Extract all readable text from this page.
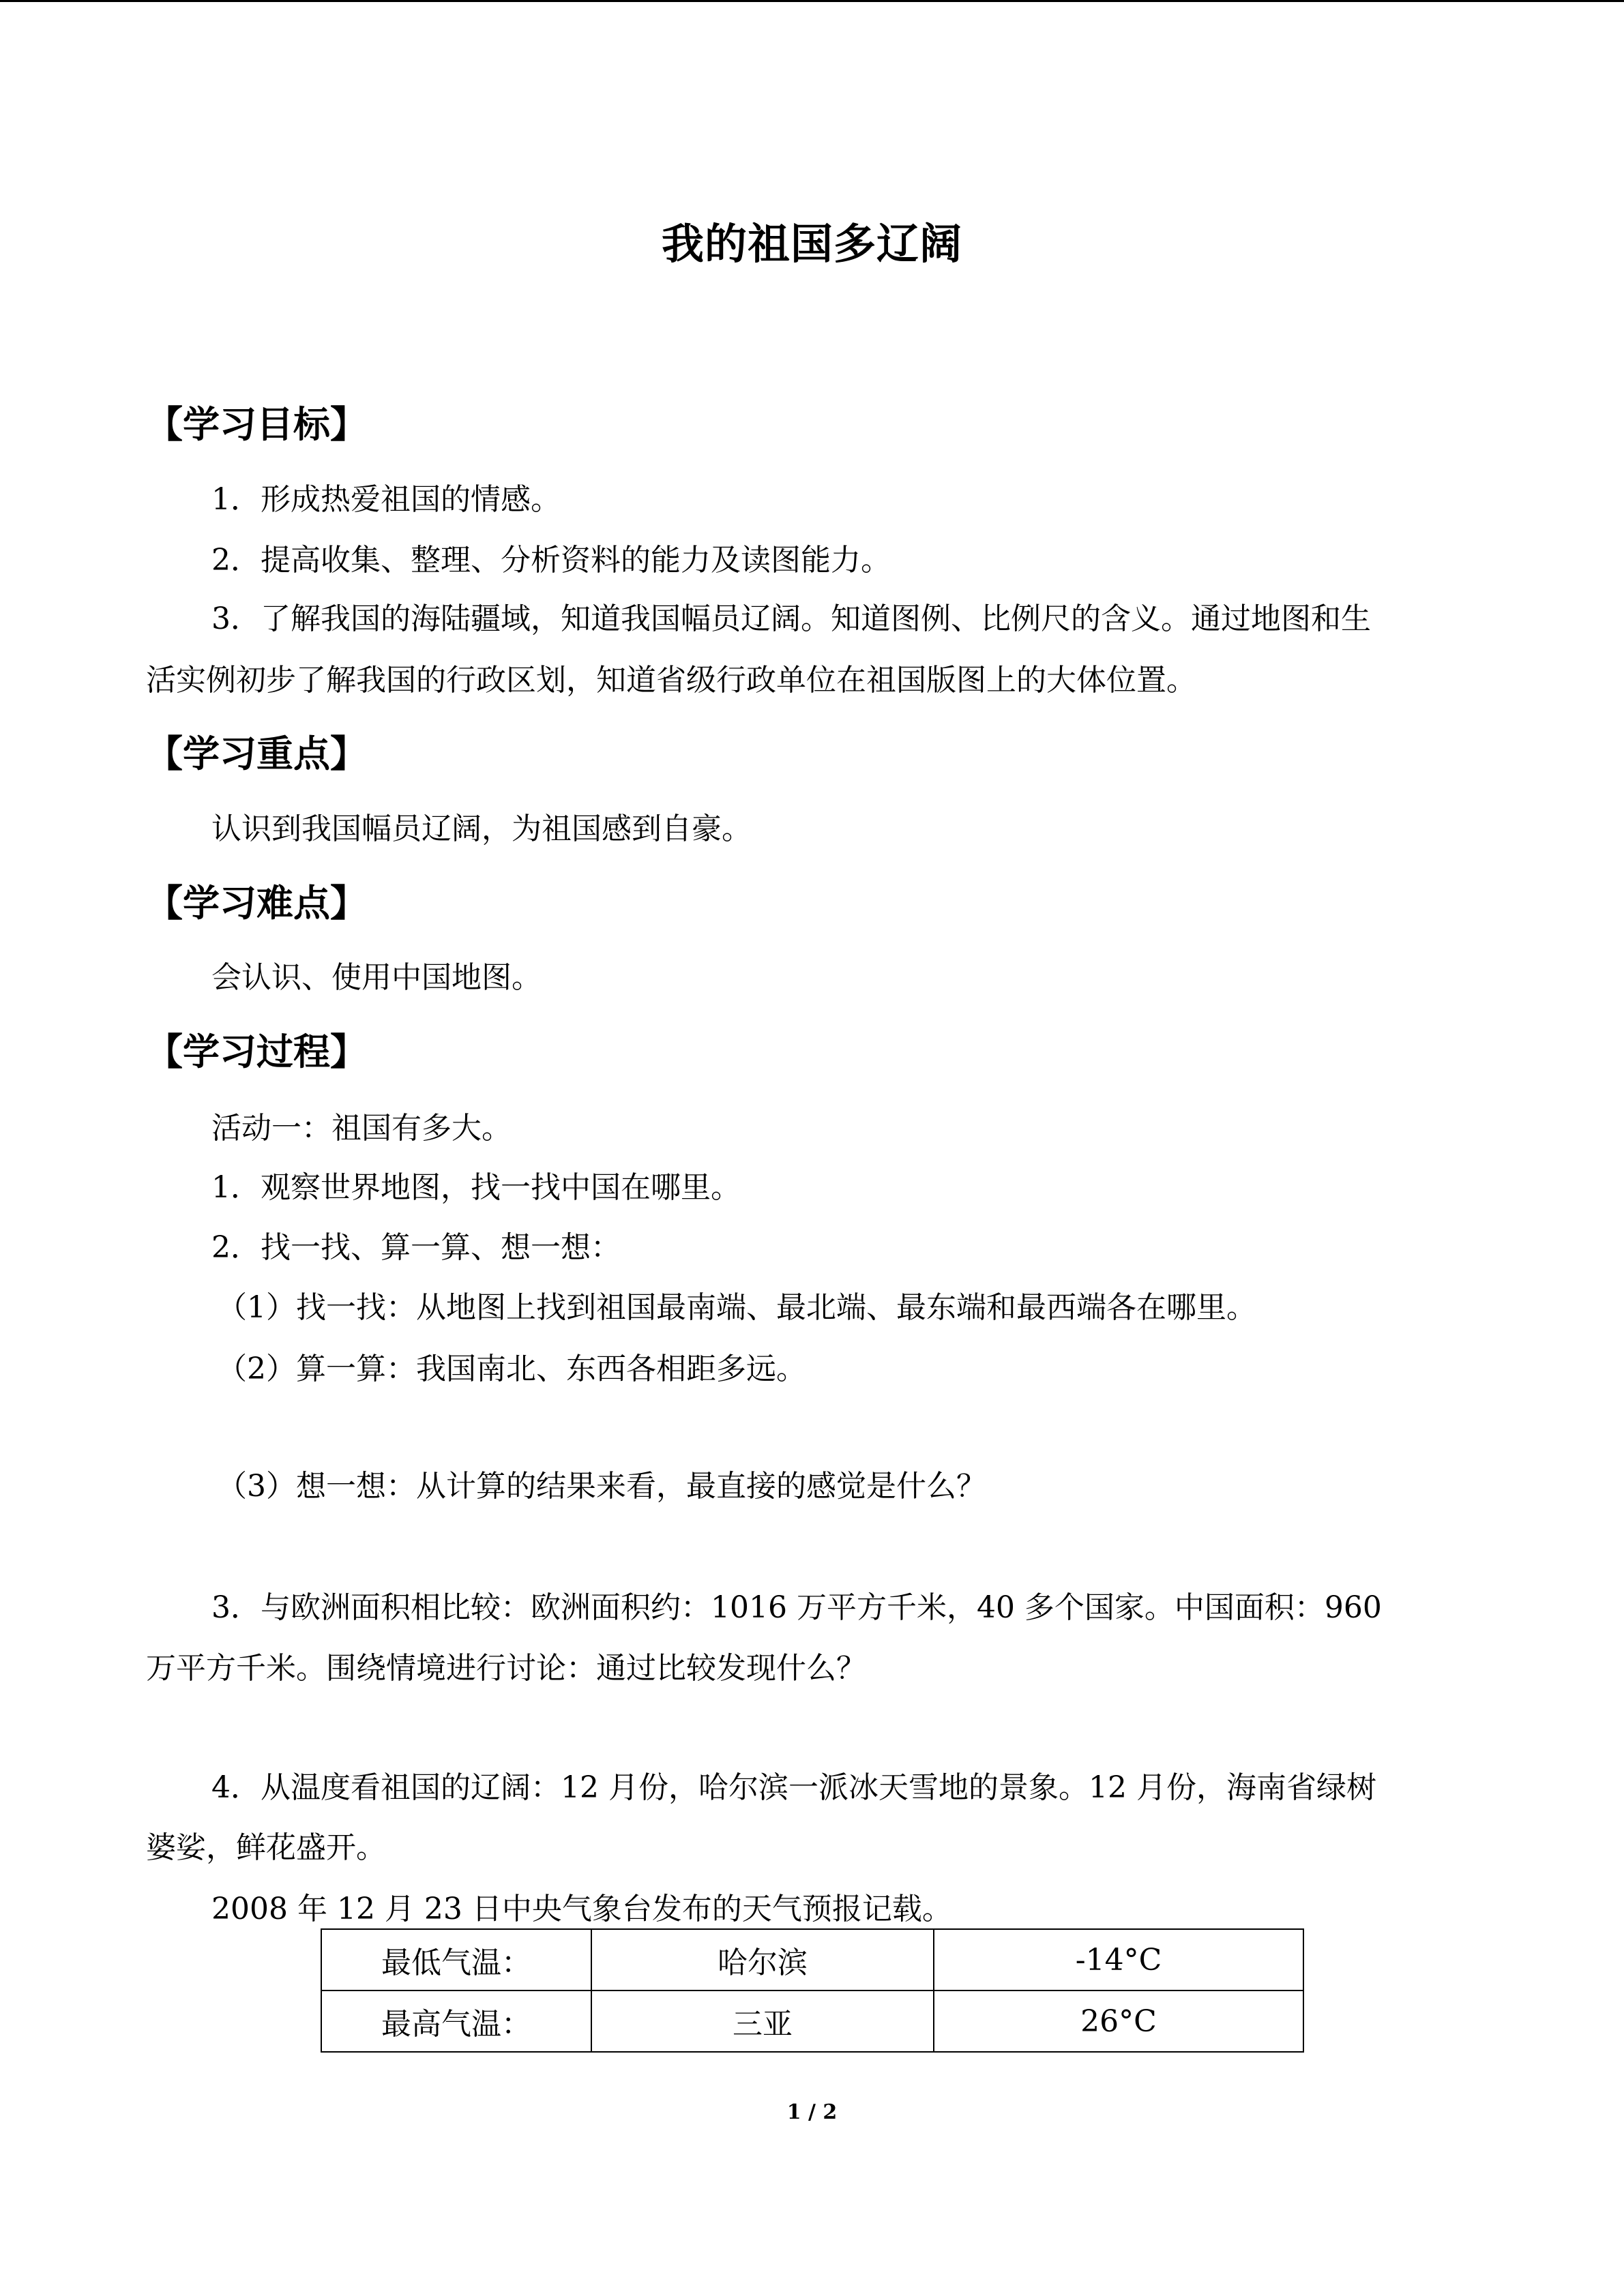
我的祖国多辽阔
【学习目标】
1．形成热爱祖国的情感。
2．提高收集、整理、分析资料的能力及读图能力。
3．了解我国的海陆疆域，知道我国幅员辽阔。知道图例、比例尺的含义。通过地图和生
活实例初步了解我国的行政区划，知道省级行政单位在祖国版图上的大体位置。
【学习重点】
认识到我国幅员辽阔，为祖国感到自豪。
【学习难点】
会认识、使用中国地图。
【学习过程】
活动一：祖国有多大。
1．观察世界地图，找一找中国在哪里。
2．找一找、算一算、想一想：
（1）找一找：从地图上找到祖国最南端、最北端、最东端和最西端各在哪里。
（2）算一算：我国南北、东西各相距多远。
（3）想一想：从计算的结果来看，最直接的感觉是什么？
3．与欧洲面积相比较：欧洲面积约：1016 万平方千米，40 多个国家。中国面积：960
万平方千米。围绕情境进行讨论：通过比较发现什么？
4．从温度看祖国的辽阔：12 月份，哈尔滨一派冰天雪地的景象。12 月份，海南省绿树
婆娑，鲜花盛开。
2008 年 12 月 23 日中央气象台发布的天气预报记载。
最低气温：	哈尔滨	-14°C
最高气温：	三亚	26°C
1 / 2
